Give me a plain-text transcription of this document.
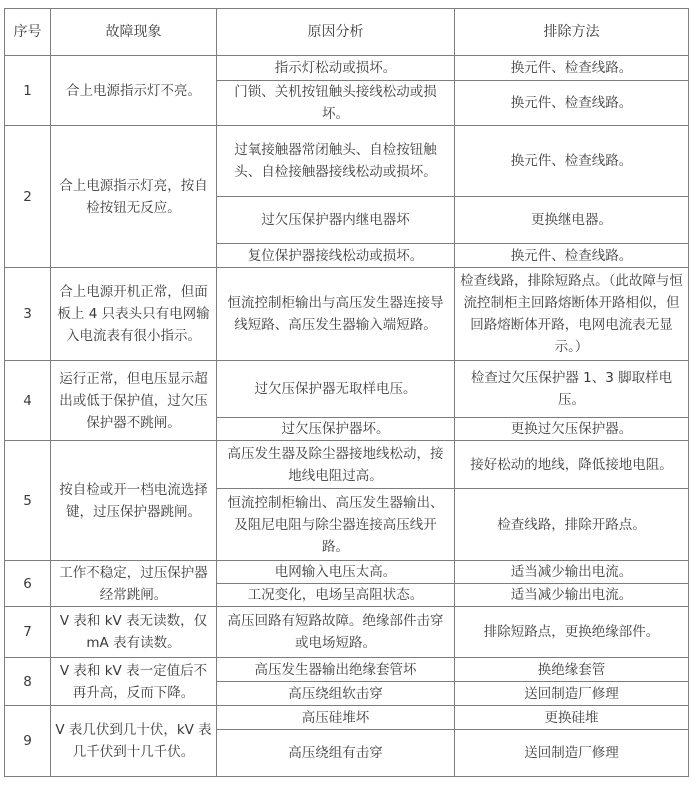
序号	故障现象	原因分析	排除方法
1	合上电源指示灯不亮。	指示灯松动或损坏。	换元件、检查线路。
		门锁、关机按钮触头接线松动或损坏。	换元件、检查线路。
2	合上电源指示灯亮，按自检按钮无反应。	过氧接触器常闭触头、自检按钮触头、自检接触器接线松动或损坏。	换元件、检查线路。
		过欠压保护器内继电器坏	更换继电器。
		复位保护器接线松动或损坏。	换元件、检查线路。
3	合上电源开机正常，但面板上 4 只表头只有电网输入电流表有很小指示。	恒流控制柜输出与高压发生器连接导线短路、高压发生器输入端短路。	检查线路，排除短路点。（此故障与恒流控制柜主回路熔断体开路相似，但回路熔断体开路，电网电流表无显示。）
4	运行正常，但电压显示超出或低于保护值，过欠压保护器不跳闸。	过欠压保护器无取样电压。	检查过欠压保护器 1、3 脚取样电压。
		过欠压保护器坏。	更换过欠压保护器。
5	按自检或开一档电流选择键，过压保护器跳闸。	高压发生器及除尘器接地线松动，接地线电阻过高。	接好松动的地线，降低接地电阻。
		恒流控制柜输出、高压发生器输出、及阻尼电阻与除尘器连接高压线开路。	检查线路，排除开路点。
6	工作不稳定，过压保护器经常跳闸。	电网输入电压太高。	适当减少输出电流。
		工况变化，电场呈高阻状态。	适当减少输出电流。
7	V 表和 kV 表无读数，仅 mA 表有读数。	高压回路有短路故障。绝缘部件击穿或电场短路。	排除短路点，更换绝缘部件。
8	V 表和 kV 表一定值后不再升高，反而下降。	高压发生器输出绝缘套管坏	换绝缘套管
		高压绕组软击穿	送回制造厂修理
9	V 表几伏到几十伏，kV 表几千伏到十几千伏。	高压硅堆坏	更换硅堆
		高压绕组有击穿	送回制造厂修理
